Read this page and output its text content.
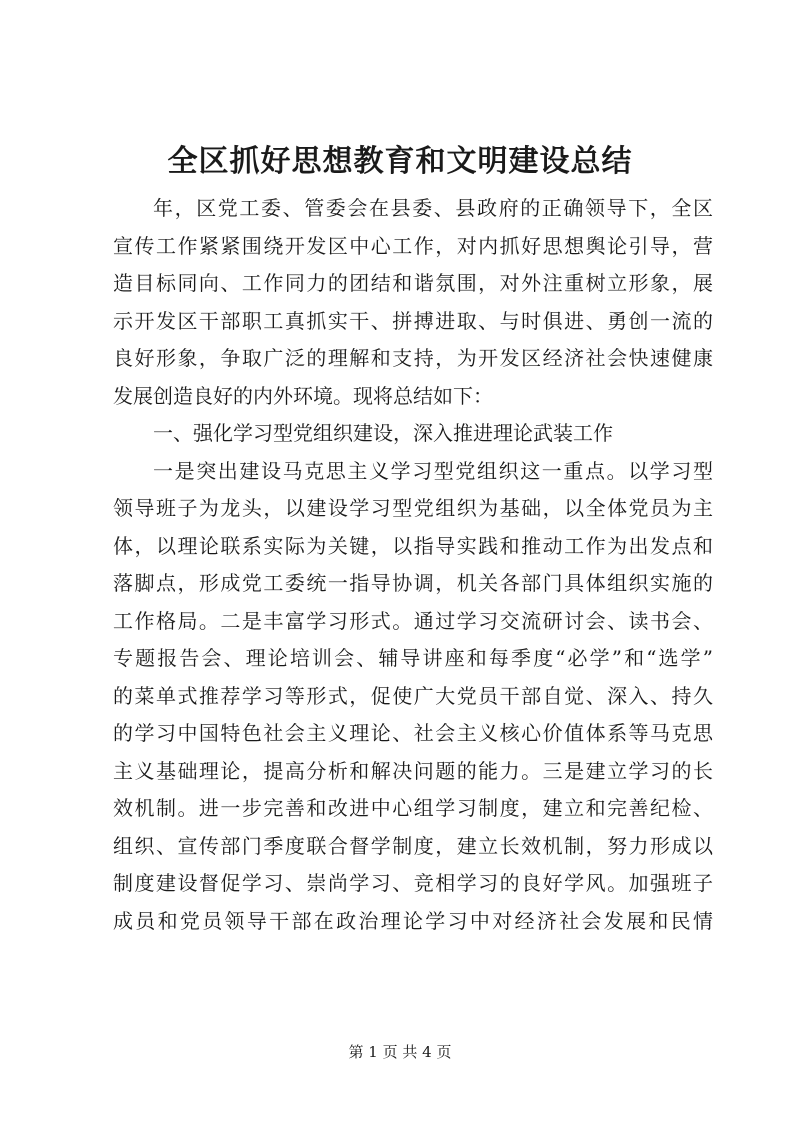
全区抓好思想教育和文明建设总结
年，区党工委、管委会在县委、县政府的正确领导下，全区
宣传工作紧紧围绕开发区中心工作，对内抓好思想舆论引导，营
造目标同向、工作同力的团结和谐氛围，对外注重树立形象，展
示开发区干部职工真抓实干、拼搏进取、与时俱进、勇创一流的
良好形象，争取广泛的理解和支持，为开发区经济社会快速健康
发展创造良好的内外环境。现将总结如下：
一、强化学习型党组织建设，深入推进理论武装工作
一是突出建设马克思主义学习型党组织这一重点。以学习型
领导班子为龙头，以建设学习型党组织为基础，以全体党员为主
体，以理论联系实际为关键，以指导实践和推动工作为出发点和
落脚点，形成党工委统一指导协调，机关各部门具体组织实施的
工作格局。二是丰富学习形式。通过学习交流研讨会、读书会、
专题报告会、理论培训会、辅导讲座和每季度“必学”和“选学”
的菜单式推荐学习等形式，促使广大党员干部自觉、深入、持久
的学习中国特色社会主义理论、社会主义核心价值体系等马克思
主义基础理论，提高分析和解决问题的能力。三是建立学习的长
效机制。进一步完善和改进中心组学习制度，建立和完善纪检、
组织、宣传部门季度联合督学制度，建立长效机制，努力形成以
制度建设督促学习、崇尚学习、竞相学习的良好学风。加强班子
成员和党员领导干部在政治理论学习中对经济社会发展和民情
第 1 页 共 4 页
